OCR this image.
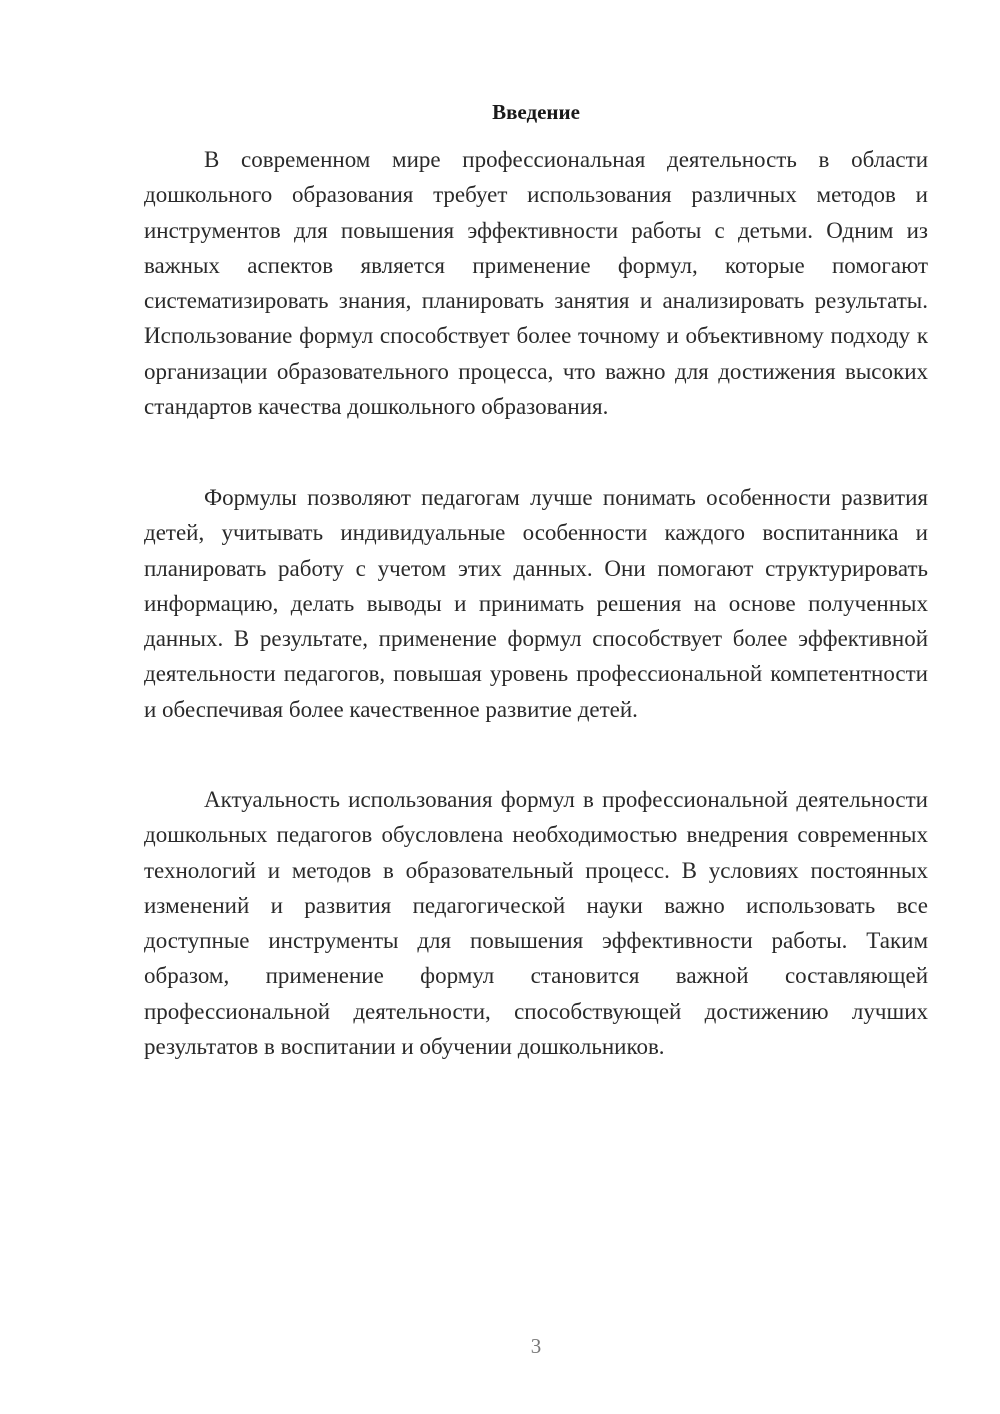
Введение

В современном мире профессиональная деятельность в области дошкольного образования требует использования различных методов и инструментов для повышения эффективности работы с детьми. Одним из важных аспектов является применение формул, которые помогают систематизировать знания, планировать занятия и анализировать результаты. Использование формул способствует более точному и объективному подходу к организации образовательного процесса, что важно для достижения высоких стандартов качества дошкольного образования.

Формулы позволяют педагогам лучше понимать особенности развития детей, учитывать индивидуальные особенности каждого воспитанника и планировать работу с учетом этих данных. Они помогают структурировать информацию, делать выводы и принимать решения на основе полученных данных. В результате, применение формул способствует более эффективной деятельности педагогов, повышая уровень профессиональной компетентности и обеспечивая более качественное развитие детей.

Актуальность использования формул в профессиональной деятельности дошкольных педагогов обусловлена необходимостью внедрения современных технологий и методов в образовательный процесс. В условиях постоянных изменений и развития педагогической науки важно использовать все доступные инструменты для повышения эффективности работы. Таким образом, применение формул становится важной составляющей профессиональной деятельности, способствующей достижению лучших результатов в воспитании и обучении дошкольников.

3
